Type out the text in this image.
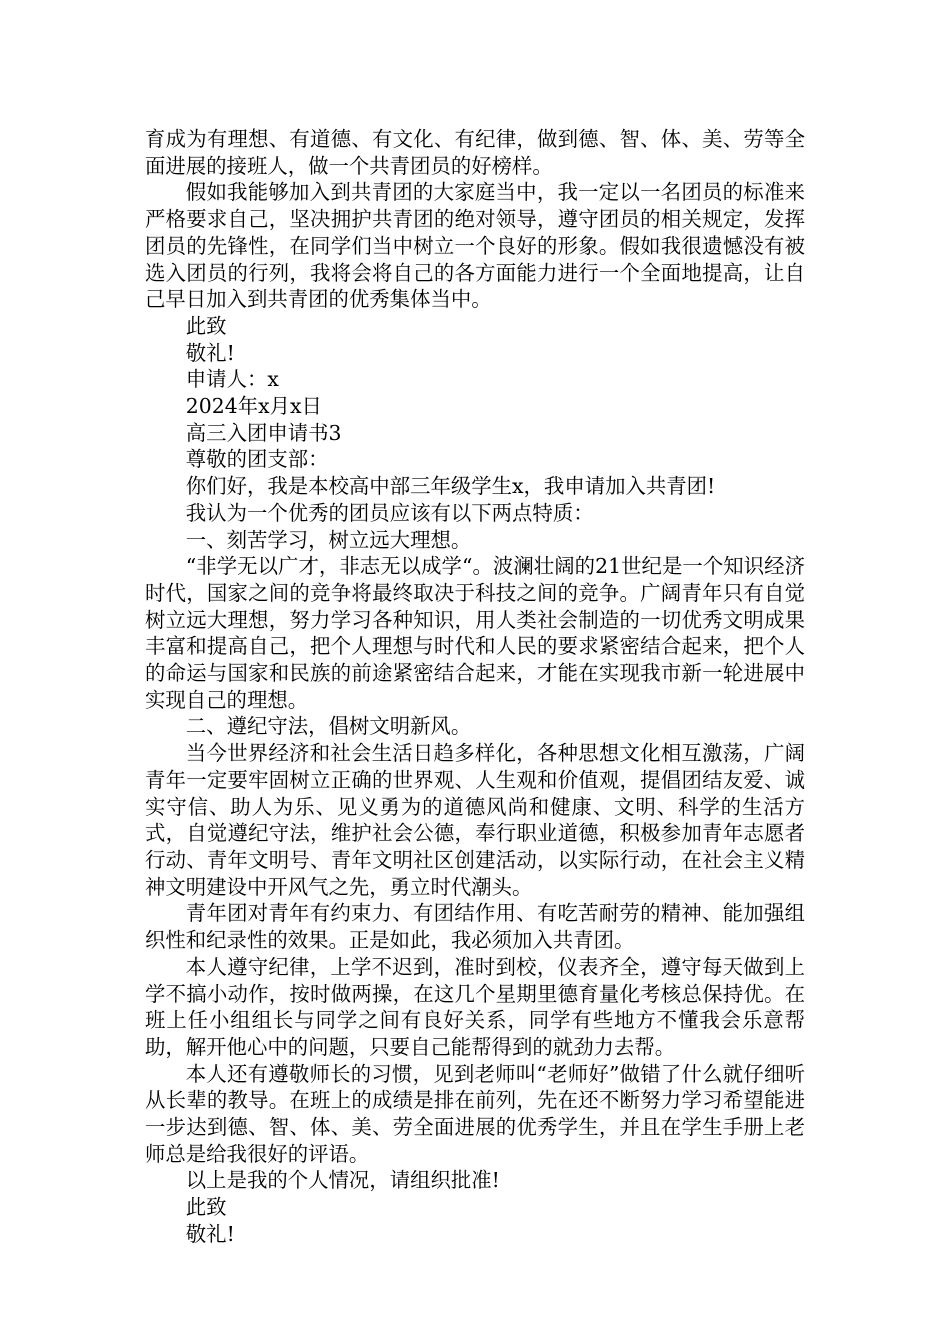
育成为有理想、有道德、有文化、有纪律，做到德、智、体、美、劳等全面进展的接班人，做一个共青团员的好榜样。

假如我能够加入到共青团的大家庭当中，我一定以一名团员的标准来严格要求自己，坚决拥护共青团的绝对领导，遵守团员的相关规定，发挥团员的先锋性，在同学们当中树立一个良好的形象。假如我很遗憾没有被选入团员的行列，我将会将自己的各方面能力进行一个全面地提高，让自己早日加入到共青团的优秀集体当中。

此致

敬礼!

申请人：x

2024年x月x日

高三入团申请书3

尊敬的团支部：

你们好，我是本校高中部三年级学生x，我申请加入共青团!

我认为一个优秀的团员应该有以下两点特质：

一、刻苦学习，树立远大理想。

“非学无以广才，非志无以成学“。波澜壮阔的21世纪是一个知识经济时代，国家之间的竞争将最终取决于科技之间的竞争。广阔青年只有自觉树立远大理想，努力学习各种知识，用人类社会制造的一切优秀文明成果丰富和提高自己，把个人理想与时代和人民的要求紧密结合起来，把个人的命运与国家和民族的前途紧密结合起来，才能在实现我市新一轮进展中实现自己的理想。

二、遵纪守法，倡树文明新风。

当今世界经济和社会生活日趋多样化，各种思想文化相互激荡，广阔青年一定要牢固树立正确的世界观、人生观和价值观，提倡团结友爱、诚实守信、助人为乐、见义勇为的道德风尚和健康、文明、科学的生活方式，自觉遵纪守法，维护社会公德，奉行职业道德，积极参加青年志愿者行动、青年文明号、青年文明社区创建活动，以实际行动，在社会主义精神文明建设中开风气之先，勇立时代潮头。

青年团对青年有约束力、有团结作用、有吃苦耐劳的精神、能加强组织性和纪录性的效果。正是如此，我必须加入共青团。

本人遵守纪律，上学不迟到，准时到校，仪表齐全，遵守每天做到上学不搞小动作，按时做两操，在这几个星期里德育量化考核总保持优。在班上任小组组长与同学之间有良好关系，同学有些地方不懂我会乐意帮助，解开他心中的问题，只要自己能帮得到的就劲力去帮。

本人还有遵敬师长的习惯，见到老师叫“老师好”做错了什么就仔细听从长辈的教导。在班上的成绩是排在前列，先在还不断努力学习希望能进一步达到德、智、体、美、劳全面进展的优秀学生，并且在学生手册上老师总是给我很好的评语。

以上是我的个人情况，请组织批准!

此致

敬礼!
